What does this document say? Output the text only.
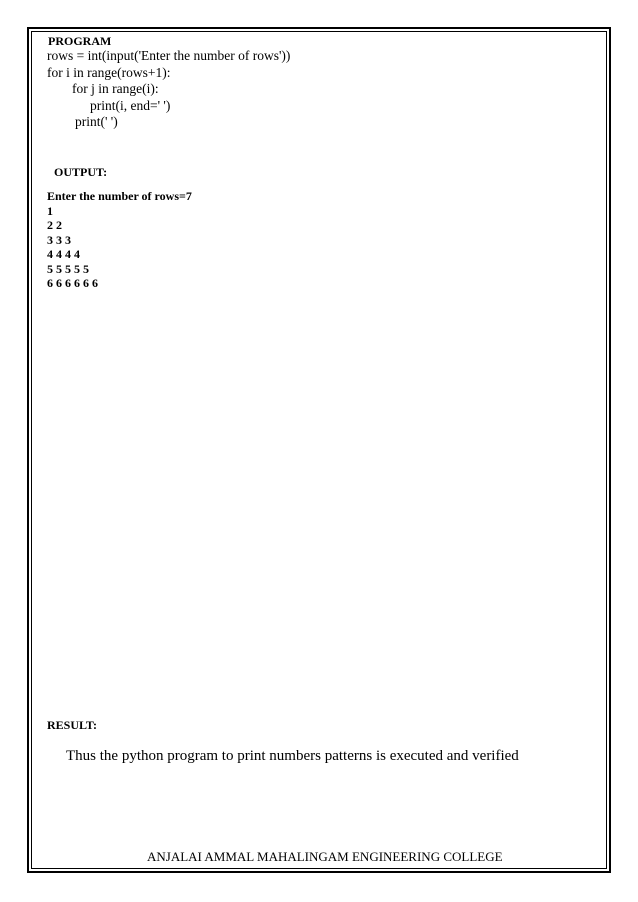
PROGRAM
rows = int(input('Enter the number of rows'))
for i in range(rows+1):
for j in range(i):
print(i, end=' ')
print(' ')
OUTPUT:
Enter the number of rows=7
1
2 2
3 3 3
4 4 4 4
5 5 5 5 5
6 6 6 6 6 6
RESULT:
Thus the python program to print numbers patterns is executed and verified
ANJALAI AMMAL MAHALINGAM ENGINEERING COLLEGE
